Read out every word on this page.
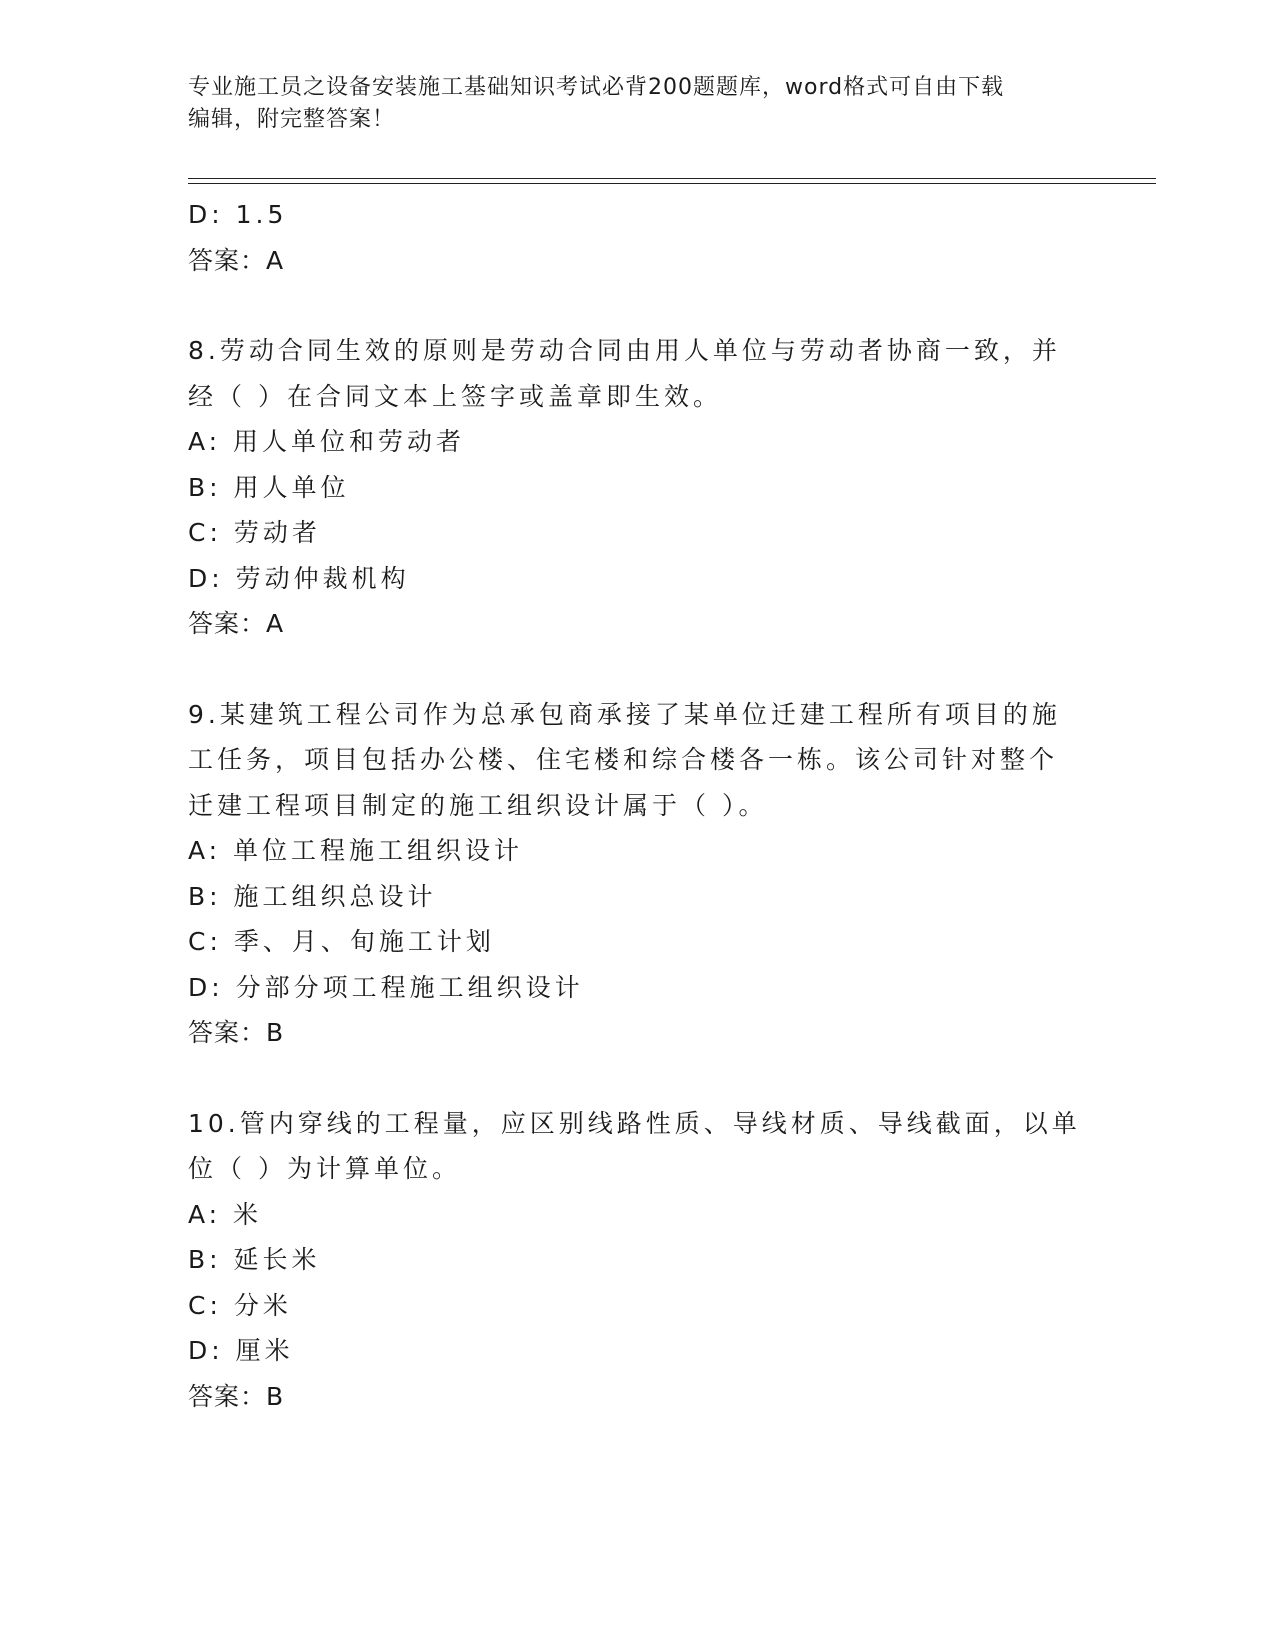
专业施工员之设备安装施工基础知识考试必背200题题库，word格式可自由下载
编辑，附完整答案！
D: 1.5
答案：A
8.劳动合同生效的原则是劳动合同由用人单位与劳动者协商一致，并
经（ ）在合同文本上签字或盖章即生效。
A: 用人单位和劳动者
B: 用人单位
C: 劳动者
D: 劳动仲裁机构
答案：A
9.某建筑工程公司作为总承包商承接了某单位迁建工程所有项目的施
工任务，项目包括办公楼、住宅楼和综合楼各一栋。该公司针对整个
迁建工程项目制定的施工组织设计属于（ ）。
A: 单位工程施工组织设计
B: 施工组织总设计
C: 季、月、旬施工计划
D: 分部分项工程施工组织设计
答案：B
10.管内穿线的工程量，应区别线路性质、导线材质、导线截面，以单
位（ ）为计算单位。
A: 米
B: 延长米
C: 分米
D: 厘米
答案：B
